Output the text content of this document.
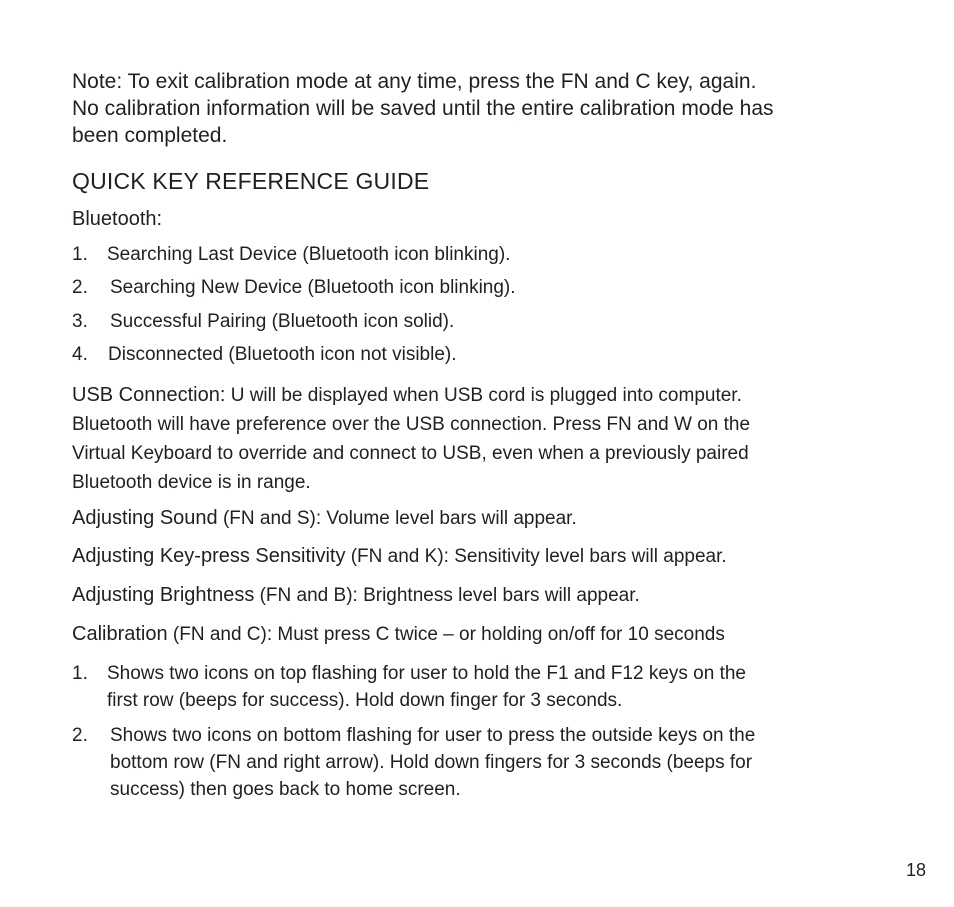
Note: To exit calibration mode at any time, press the FN and C key, again.
No calibration information will be saved until the entire calibration mode has
been completed.
QUICK KEY REFERENCE GUIDE
Bluetooth:
1. Searching Last Device (Bluetooth icon blinking).
2. Searching New Device (Bluetooth icon blinking).
3. Successful Pairing (Bluetooth icon solid).
4. Disconnected (Bluetooth icon not visible).
USB Connection: U will be displayed when USB cord is plugged into computer.
Bluetooth will have preference over the USB connection. Press FN and W on the
Virtual Keyboard to override and connect to USB, even when a previously paired
Bluetooth device is in range.
Adjusting Sound (FN and S): Volume level bars will appear.
Adjusting Key-press Sensitivity (FN and K): Sensitivity level bars will appear.
Adjusting Brightness (FN and B): Brightness level bars will appear.
Calibration (FN and C): Must press C twice – or holding on/off for 10 seconds
1. Shows two icons on top flashing for user to hold the F1 and F12 keys on the
first row (beeps for success). Hold down finger for 3 seconds.
2. Shows two icons on bottom flashing for user to press the outside keys on the
bottom row (FN and right arrow). Hold down fingers for 3 seconds (beeps for
success) then goes back to home screen.
18
